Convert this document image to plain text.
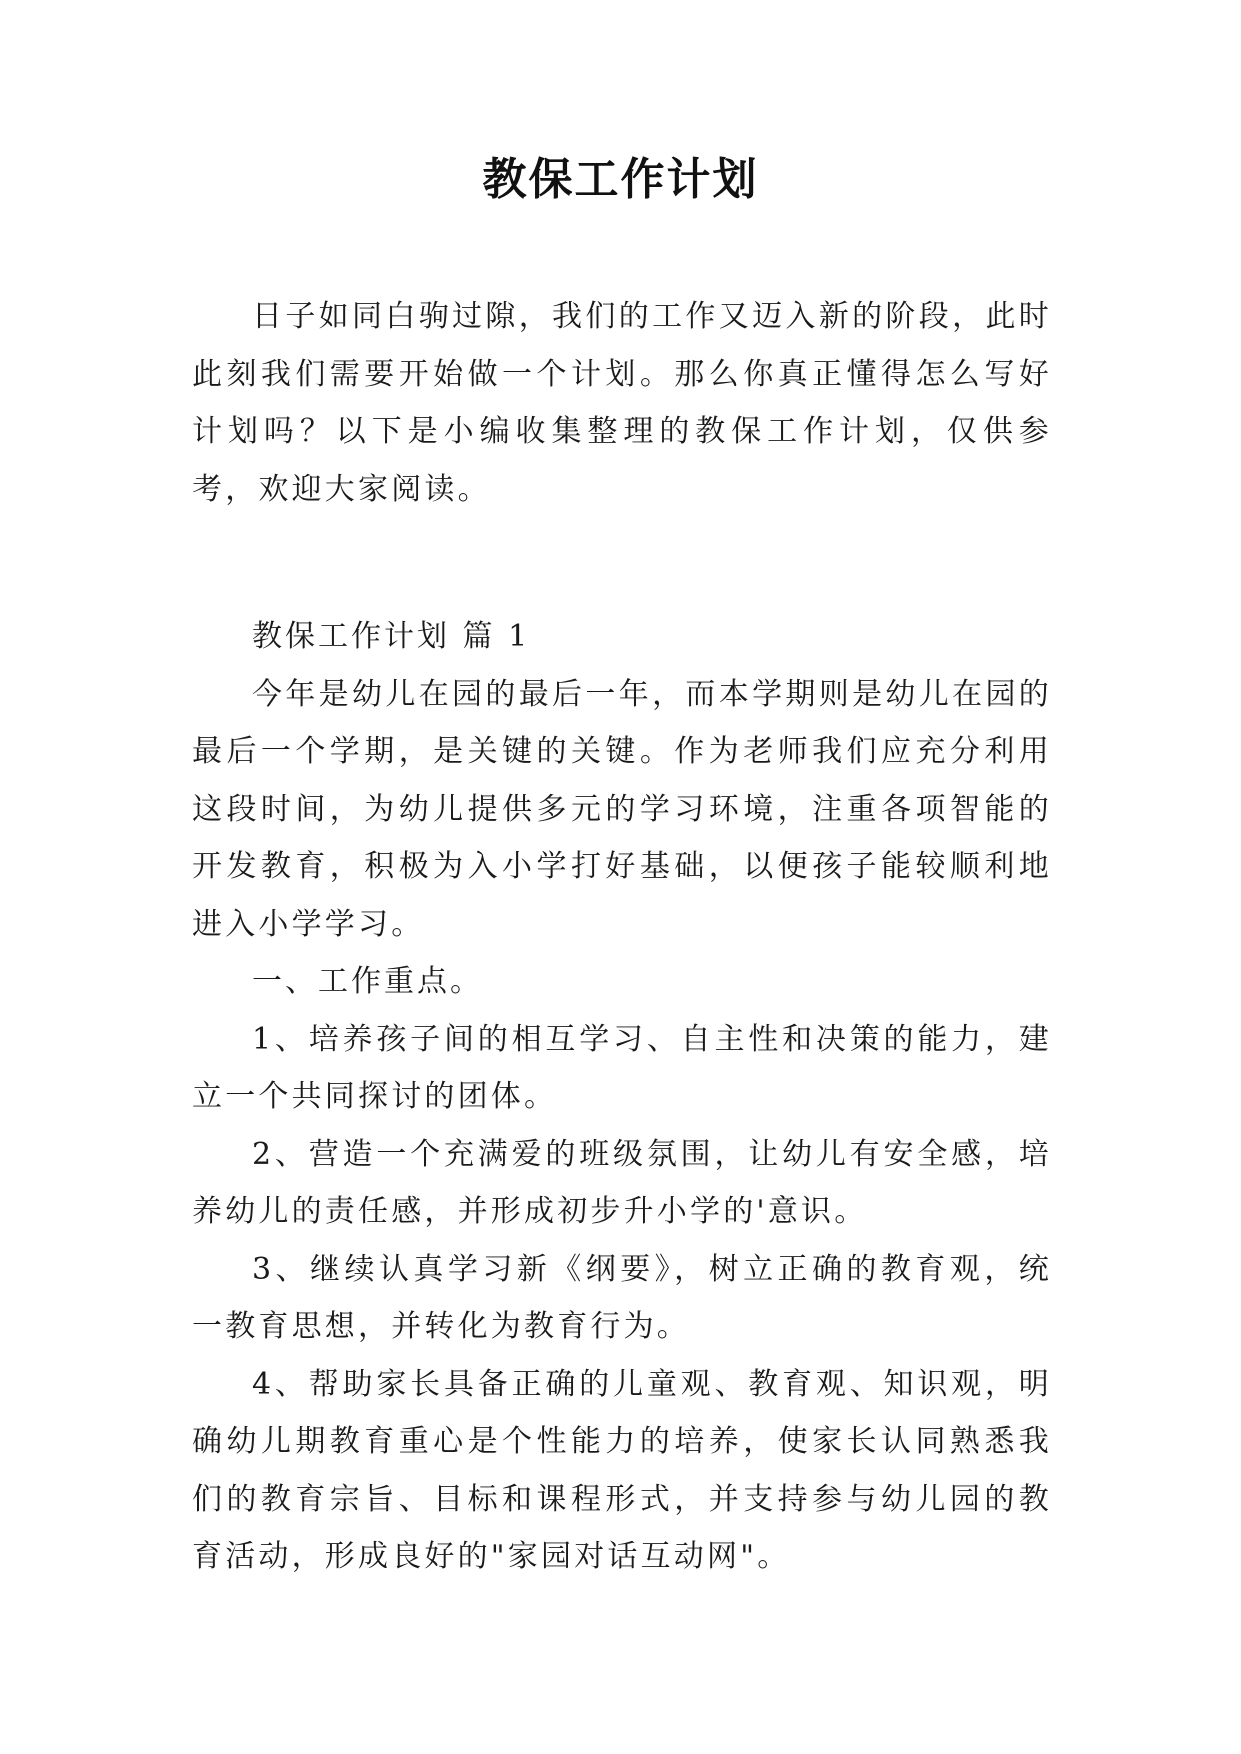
教保工作计划

日子如同白驹过隙，我们的工作又迈入新的阶段，此时此刻我们需要开始做一个计划。那么你真正懂得怎么写好计划吗？以下是小编收集整理的教保工作计划，仅供参考，欢迎大家阅读。

教保工作计划 篇 1

今年是幼儿在园的最后一年，而本学期则是幼儿在园的最后一个学期，是关键的关键。作为老师我们应充分利用这段时间，为幼儿提供多元的学习环境，注重各项智能的开发教育，积极为入小学打好基础，以便孩子能较顺利地进入小学学习。

一、工作重点。

1、培养孩子间的相互学习、自主性和决策的能力，建立一个共同探讨的团体。

2、营造一个充满爱的班级氛围，让幼儿有安全感，培养幼儿的责任感，并形成初步升小学的'意识。

3、继续认真学习新《纲要》，树立正确的教育观，统一教育思想，并转化为教育行为。

4、帮助家长具备正确的儿童观、教育观、知识观，明确幼儿期教育重心是个性能力的培养，使家长认同熟悉我们的教育宗旨、目标和课程形式，并支持参与幼儿园的教育活动，形成良好的"家园对话互动网"。
